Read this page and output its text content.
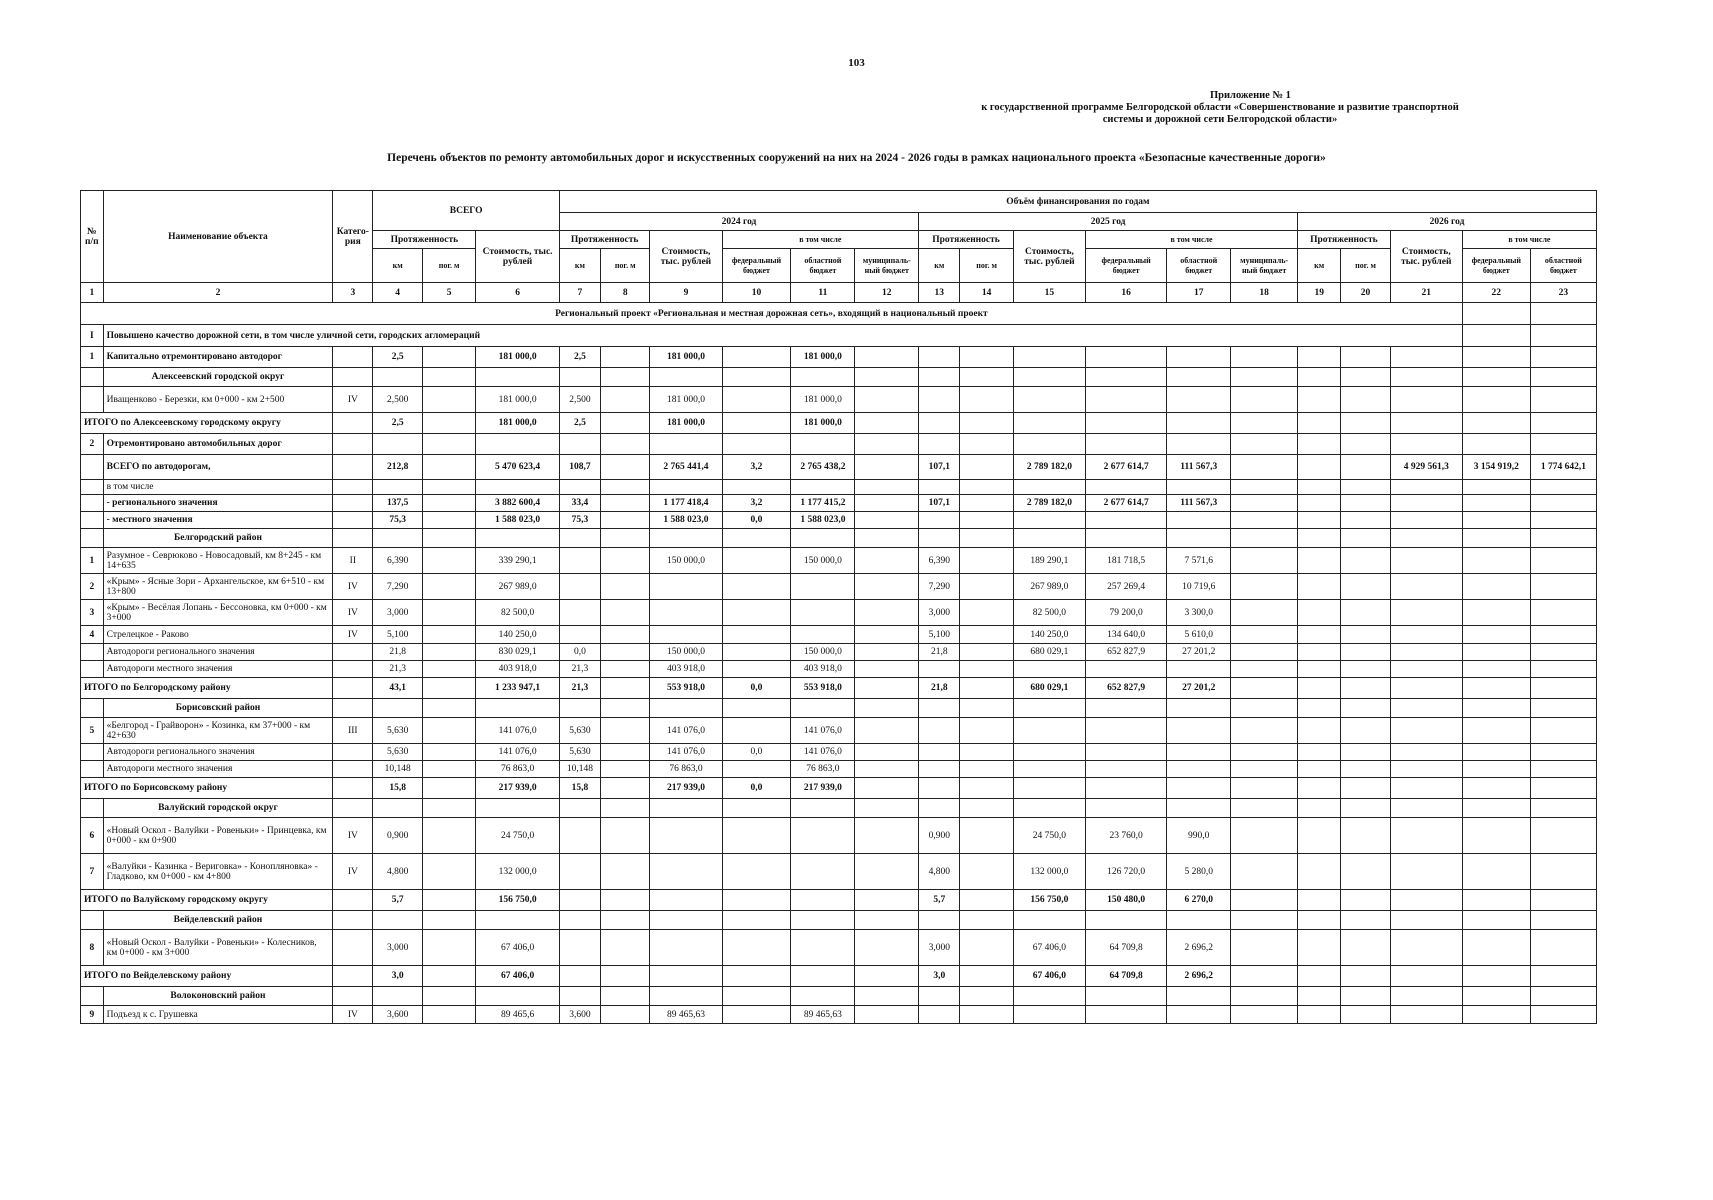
103
Приложение № 1
к государственной программе Белгородской области «Совершенствование и развитие транспортной
системы и дорожной сети Белгородской области»
Перечень объектов по ремонту автомобильных дорог и искусственных сооружений на них на 2024 - 2026 годы в рамках национального проекта «Безопасные качественные дороги»
№ п/п	Наименование объекта	Катего-рия	ВСЕГО			Объём финансирования по годам																
						2024 год						2025 год						2026 год				
			Протяженность		Стоимость, тыс. рублей	Протяженность		Стоимость, тыс. рублей	в том числе			Протяженность		Стоимость, тыс. рублей	в том числе			Протяженность		Стоимость, тыс. рублей	в том числе	
			км	пог. м		км	пог. м		федеральный бюджет	областной бюджет	муниципаль-ный бюджет	км	пог. м		федеральный бюджет	областной бюджет	муниципаль-ный бюджет	км	пог. м		федеральный бюджет	областной бюджет
1	2	3	4	5	6	7	8	9	10	11	12	13	14	15	16	17	18	19	20	21	22	23
Региональный проект «Региональная и местная дорожная сеть», входящий в национальный проект																						
I	Повышено качество дорожной сети, в том числе уличной сети, городских агломераций																					
1	Капитально отремонтировано автодорог		2,5		181 000,0	2,5		181 000,0		181 000,0												
	Алексеевский городской округ																					
	Иващенково - Березки, км 0+000 - км 2+500	IV	2,500		181 000,0	2,500		181 000,0		181 000,0												
ИТОГО по Алексеевскому городскому округу			2,5		181 000,0	2,5		181 000,0		181 000,0												
2	Отремонтировано автомобильных дорог																					
	ВСЕГО по автодорогам,		212,8		5 470 623,4	108,7		2 765 441,4	3,2	2 765 438,2		107,1		2 789 182,0	2 677 614,7	111 567,3				4 929 561,3	3 154 919,2	1 774 642,1
	в том числе																					
	- регионального значения		137,5		3 882 600,4	33,4		1 177 418,4	3,2	1 177 415,2		107,1		2 789 182,0	2 677 614,7	111 567,3						
	- местного значения		75,3		1 588 023,0	75,3		1 588 023,0	0,0	1 588 023,0												
	Белгородский район																					
1	Разумное - Севрюково - Новосадовый, км 8+245 - км 14+635	II	6,390		339 290,1			150 000,0		150 000,0		6,390		189 290,1	181 718,5	7 571,6						
2	«Крым» - Ясные Зори - Архангельское, км 6+510 - км 13+800	IV	7,290		267 989,0							7,290		267 989,0	257 269,4	10 719,6						
3	«Крым» - Весёлая Лопань - Бессоновка, км 0+000 - км 3+000	IV	3,000		82 500,0							3,000		82 500,0	79 200,0	3 300,0						
4	Стрелецкое - Раково	IV	5,100		140 250,0							5,100		140 250,0	134 640,0	5 610,0						
	Автодороги регионального значения		21,8		830 029,1	0,0		150 000,0		150 000,0		21,8		680 029,1	652 827,9	27 201,2						
	Автодороги местного значения		21,3		403 918,0	21,3		403 918,0		403 918,0												
ИТОГО по Белгородскому району			43,1		1 233 947,1	21,3		553 918,0	0,0	553 918,0		21,8		680 029,1	652 827,9	27 201,2						
	Борисовский район																					
5	«Белгород - Грайворон» - Козинка, км 37+000 - км 42+630	III	5,630		141 076,0	5,630		141 076,0		141 076,0												
	Автодороги регионального значения		5,630		141 076,0	5,630		141 076,0	0,0	141 076,0												
	Автодороги местного значения		10,148		76 863,0	10,148		76 863,0		76 863,0												
ИТОГО по Борисовскому району			15,8		217 939,0	15,8		217 939,0	0,0	217 939,0												
	Валуйский городской округ																					
6	«Новый Оскол - Валуйки - Ровеньки» - Принцевка, км 0+000 - км 0+900	IV	0,900		24 750,0							0,900		24 750,0	23 760,0	990,0						
7	«Валуйки - Казинка - Вериговка» - Конопляновка» - Гладково, км 0+000 - км 4+800	IV	4,800		132 000,0							4,800		132 000,0	126 720,0	5 280,0						
ИТОГО по Валуйскому городскому округу			5,7		156 750,0							5,7		156 750,0	150 480,0	6 270,0						
	Вейделевский район																					
8	«Новый Оскол - Валуйки - Ровеньки» - Колесников, км 0+000 - км 3+000		3,000		67 406,0							3,000		67 406,0	64 709,8	2 696,2						
ИТОГО по Вейделевскому району			3,0		67 406,0							3,0		67 406,0	64 709,8	2 696,2						
	Волоконовский район																					
9	Подъезд к с. Грушевка	IV	3,600		89 465,6	3,600		89 465,63		89 465,63												
